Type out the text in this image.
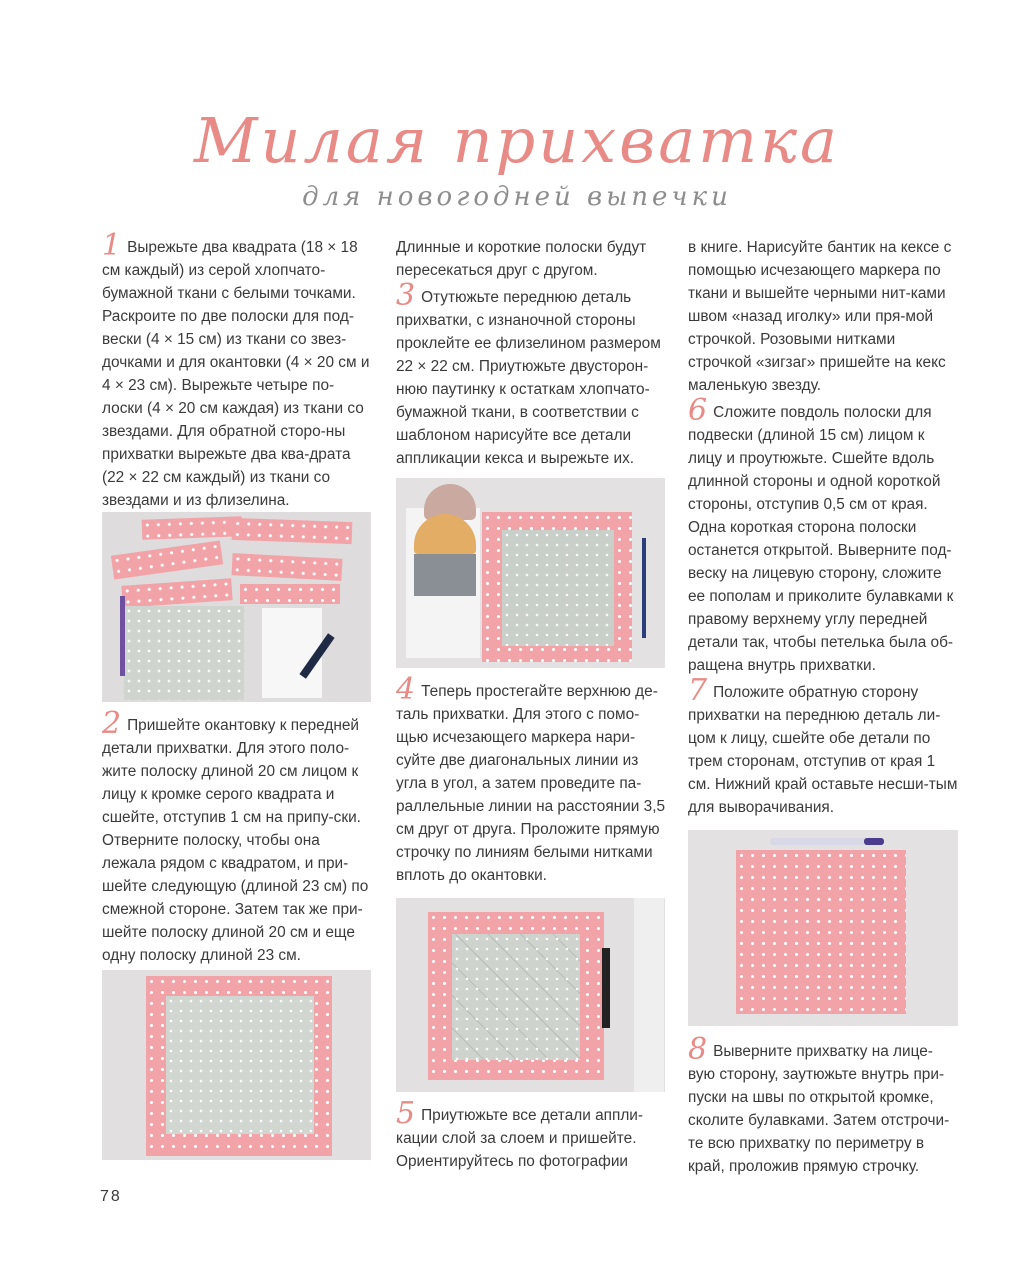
Милая прихватка
для новогодней выпечки

1 Вырежьте два квадрата (18 × 18 см каждый) из серой хлопчато-бумажной ткани с белыми точками. Раскроите по две полоски для под-вески (4 × 15 см) из ткани со звез-дочками и для окантовки (4 × 20 см и 4 × 23 см). Вырежьте четыре по-лоски (4 × 20 см каждая) из ткани со звездами. Для обратной сторо-ны прихватки вырежьте два ква-драта (22 × 22 см каждый) из ткани со звездами и из флизелина.

2 Пришейте окантовку к передней детали прихватки. Для этого поло-жите полоску длиной 20 см лицом к лицу к кромке серого квадрата и сшейте, отступив 1 см на припу-ски. Отверните полоску, чтобы она лежала рядом с квадратом, и при-шейте следующую (длиной 23 см) по смежной стороне. Затем так же при-шейте полоску длиной 20 см и еще одну полоску длиной 23 см.

Длинные и короткие полоски будут пересекаться друг с другом.

3 Отутюжьте переднюю деталь прихватки, с изнаночной стороны проклейте ее флизелином размером 22 × 22 см. Приутюжьте двусторон-нюю паутинку к остаткам хлопчато-бумажной ткани, в соответствии с шаблоном нарисуйте все детали аппликации кекса и вырежьте их.

4 Теперь простегайте верхнюю де-таль прихватки. Для этого с помо-щью исчезающего маркера нари-суйте две диагональных линии из угла в угол, а затем проведите па-раллельные линии на расстоянии 3,5 см друг от друга. Проложите прямую строчку по линиям белыми нитками вплоть до окантовки.

5 Приутюжьте все детали аппли-кации слой за слоем и пришейте. Ориентируйтесь по фотографии

в книге. Нарисуйте бантик на кексе с помощью исчезающего маркера по ткани и вышейте черными нит-ками швом «назад иголку» или пря-мой строчкой. Розовыми нитками строчкой «зигзаг» пришейте на кекс маленькую звезду.

6 Сложите повдоль полоски для подвески (длиной 15 см) лицом к лицу и проутюжьте. Сшейте вдоль длинной стороны и одной короткой стороны, отступив 0,5 см от края. Одна короткая сторона полоски останется открытой. Выверните под-веску на лицевую сторону, сложите ее пополам и приколите булавками к правому верхнему углу передней детали так, чтобы петелька была об-ращена внутрь прихватки.

7 Положите обратную сторону прихватки на переднюю деталь ли-цом к лицу, сшейте обе детали по трем сторонам, отступив от края 1 см. Нижний край оставьте несши-тым для выворачивания.

8 Выверните прихватку на лице-вую сторону, заутюжьте внутрь при-пуски на швы по открытой кромке, сколите булавками. Затем отстрочи-те всю прихватку по периметру в край, проложив прямую строчку.

78
